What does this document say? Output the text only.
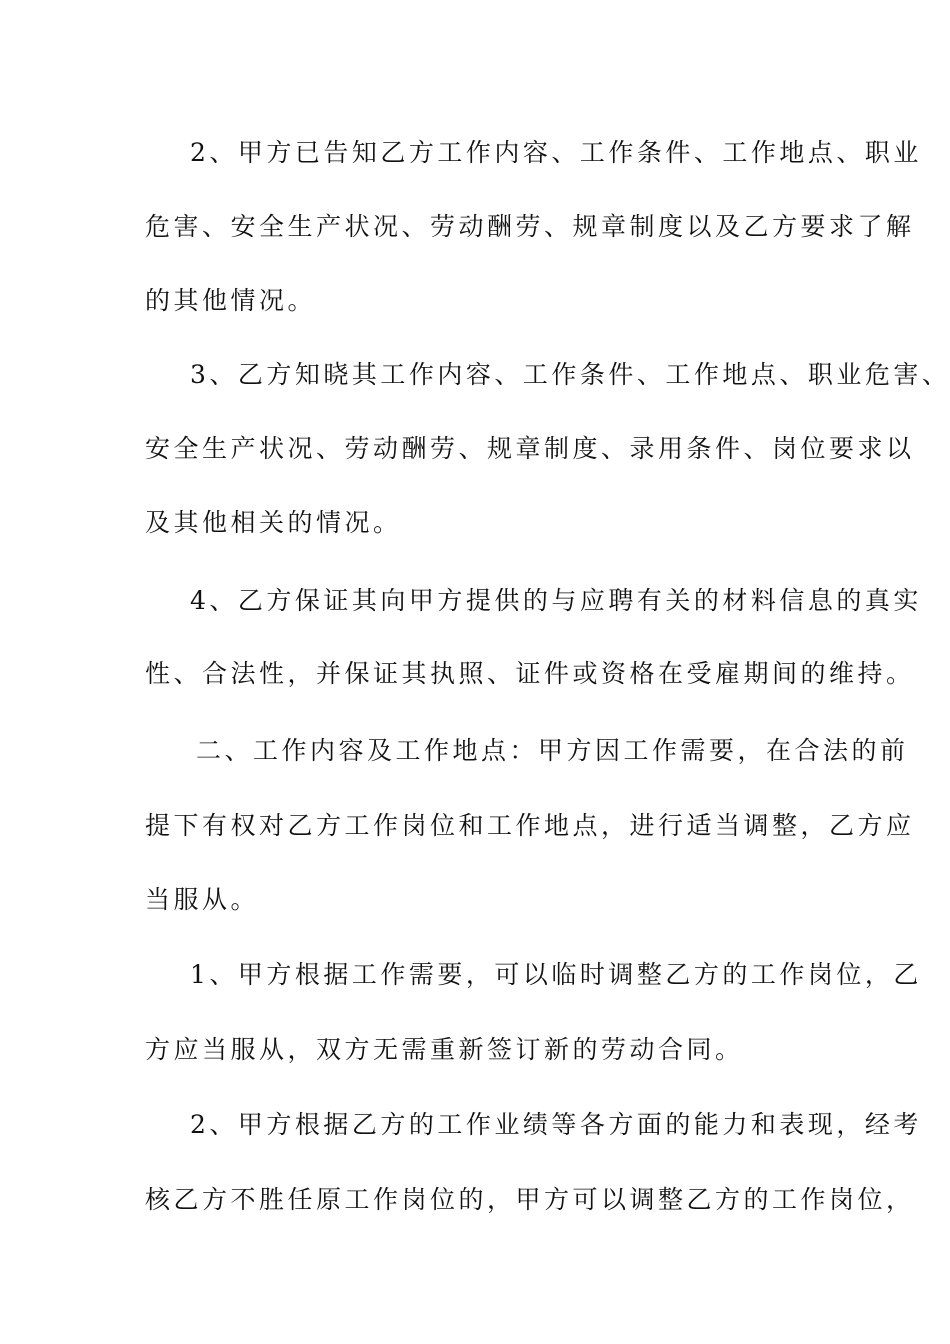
2、甲方已告知乙方工作内容、工作条件、工作地点、职业
危害、安全生产状况、劳动酬劳、规章制度以及乙方要求了解
的其他情况。
3、乙方知晓其工作内容、工作条件、工作地点、职业危害、
安全生产状况、劳动酬劳、规章制度、录用条件、岗位要求以
及其他相关的情况。
4、乙方保证其向甲方提供的与应聘有关的材料信息的真实
性、合法性，并保证其执照、证件或资格在受雇期间的维持。
二、工作内容及工作地点：甲方因工作需要，在合法的前
提下有权对乙方工作岗位和工作地点，进行适当调整，乙方应
当服从。
1、甲方根据工作需要，可以临时调整乙方的工作岗位，乙
方应当服从，双方无需重新签订新的劳动合同。
2、甲方根据乙方的工作业绩等各方面的能力和表现，经考
核乙方不胜任原工作岗位的，甲方可以调整乙方的工作岗位，
